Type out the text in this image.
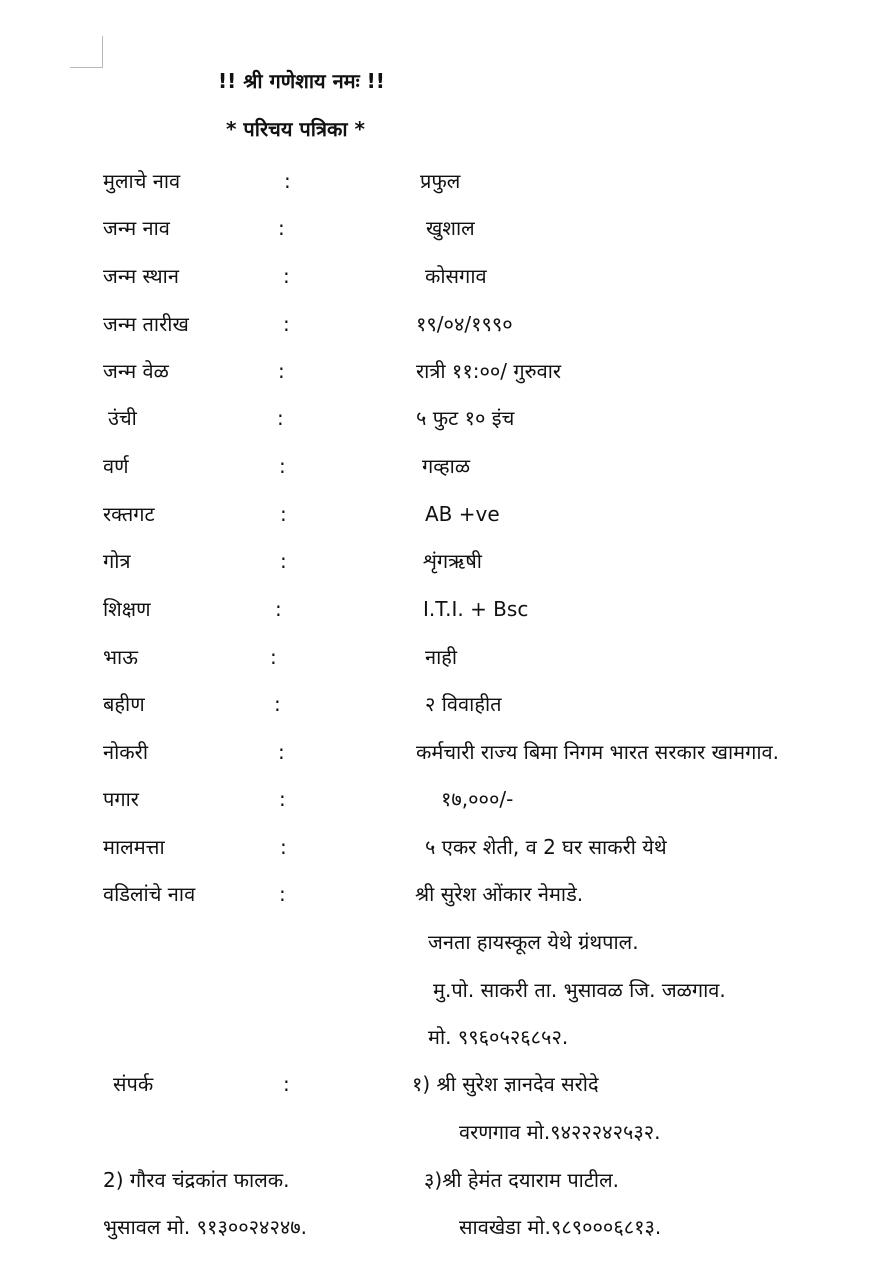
!! श्री गणेशाय नमः !!
* परिचय पत्रिका *
मुलाचे नाव	:	प्रफुल
जन्म नाव	:	खुशाल
जन्म स्थान	:	कोसगाव
जन्म तारीख	:	१९/०४/१९९०
जन्म वेळ	:	रात्री ११:००/ गुरुवार
उंची	:	५ फुट १० इंच
वर्ण	:	गव्हाळ
रक्तगट	:	AB +ve
गोत्र	:	शृंगऋषी
शिक्षण	:	I.T.I. + Bsc
भाऊ	:	नाही
बहीण	:	२ विवाहीत
नोकरी	:	कर्मचारी राज्य बिमा निगम भारत सरकार खामगाव.
पगार	:	१७,०००/-
मालमत्ता	:	५ एकर शेती, व 2 घर साकरी येथे
वडिलांचे नाव	:	श्री सुरेश ओंकार नेमाडे.
जनता हायस्कूल येथे ग्रंथपाल.
मु.पो. साकरी ता. भुसावळ जि. जळगाव.
मो. ९९६०५२६८५२.
संपर्क	:	१) श्री सुरेश ज्ञानदेव सरोदे
वरणगाव मो.९४२२२४२५३२.
2) गौरव चंद्रकांत फालक.
भुसावल मो. ९१३००२४२४७.
३)श्री हेमंत दयाराम पाटील.
सावखेडा मो.९८९०००६८१३.
